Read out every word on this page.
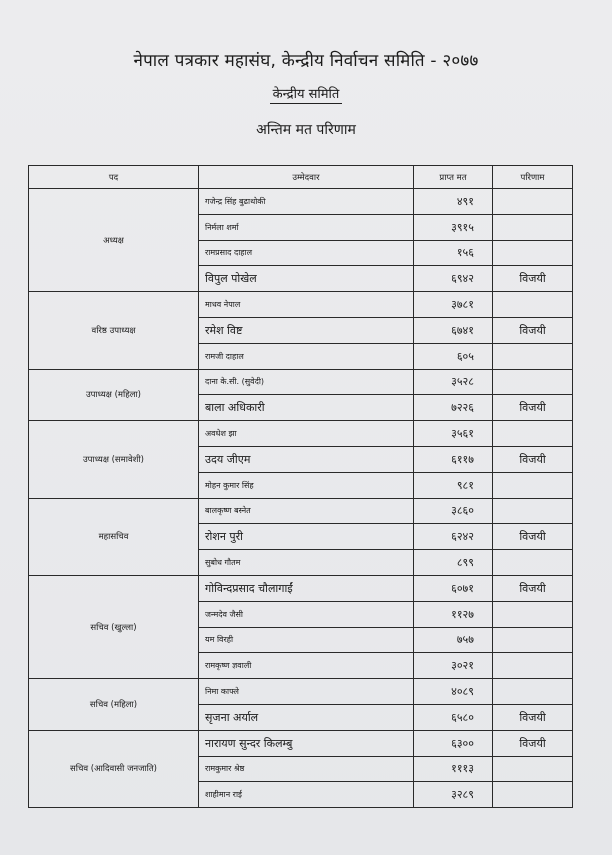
नेपाल पत्रकार महासंघ, केन्द्रीय निर्वाचन समिति - २०७७
केन्द्रीय समिति
अन्तिम मत परिणाम
पद	उम्मेदवार	प्राप्त मत	परिणाम
अध्यक्ष	गजेन्द्र सिंह बुढाथोकी	४९१	
	निर्मला शर्मा	३९१५	
	रामप्रसाद दाहाल	१५६	
	विपुल पोखेल	६९४२	विजयी
वरिष्ठ उपाध्यक्ष	माधव नेपाल	३७८१	
	रमेश विष्ट	६७४१	विजयी
	रामजी दाहाल	६०५	
उपाध्यक्ष (महिला)	दाना के.सी. (सुवेदी)	३५२८	
	बाला अधिकारी	७२२६	विजयी
उपाध्यक्ष (समावेशी)	अवधेश झा	३५६१	
	उदय जीएम	६११७	विजयी
	मोहन कुमार सिंह	९८१	
महासचिव	बालकृष्ण बस्नेत	३८६०	
	रोशन पुरी	६२४२	विजयी
	सुबोध गौतम	८९९	
सचिव (खुल्ला)	गोविन्दप्रसाद चौलागाईं	६०७१	विजयी
	जन्मदेव जैसी	११२७	
	यम विरही	७५७	
	रामकृष्ण ज्ञवाली	३०२१	
सचिव (महिला)	निमा काफ्ले	४०८९	
	सृजना अर्याल	६५८०	विजयी
सचिव (आदिवासी जनजाति)	नारायण सुन्दर किलम्बु	६३००	विजयी
	रामकुमार श्रेष्ठ	१११३	
	शाहीमान राई	३२८९	
